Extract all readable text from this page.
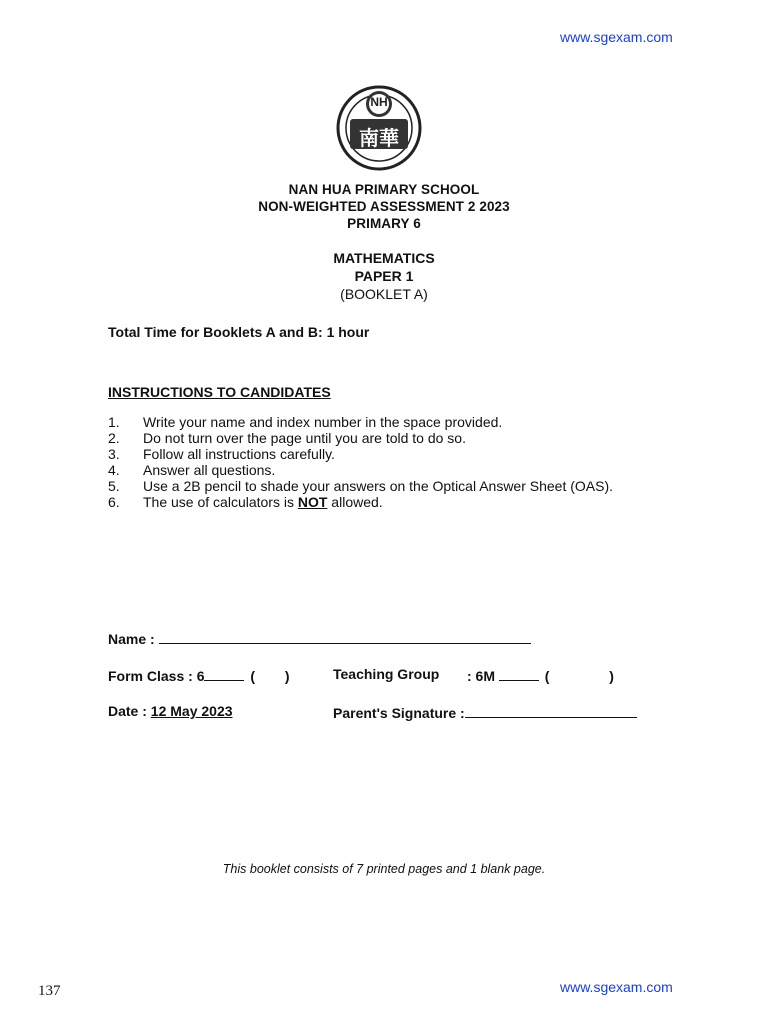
www.sgexam.com
NH
南華
NAN HUA PRIMARY SCHOOL
NON-WEIGHTED ASSESSMENT 2 2023
PRIMARY 6
MATHEMATICS
PAPER 1
(BOOKLET A)
Total Time for Booklets A and B: 1 hour
INSTRUCTIONS TO CANDIDATES
1.	Write your name and index number in the space provided.
2.	Do not turn over the page until you are told to do so.
3.	Follow all instructions carefully.
4.	Answer all questions.
5.	Use a 2B pencil to shade your answers on the Optical Answer Sheet (OAS).
6.	The use of calculators is NOT allowed.
Name :
Form Class : 6	( )	Teaching Group : 6M	(	)
Date : 12 May 2023	Parent's Signature :
This booklet consists of 7 printed pages and 1 blank page.
137	www.sgexam.com
